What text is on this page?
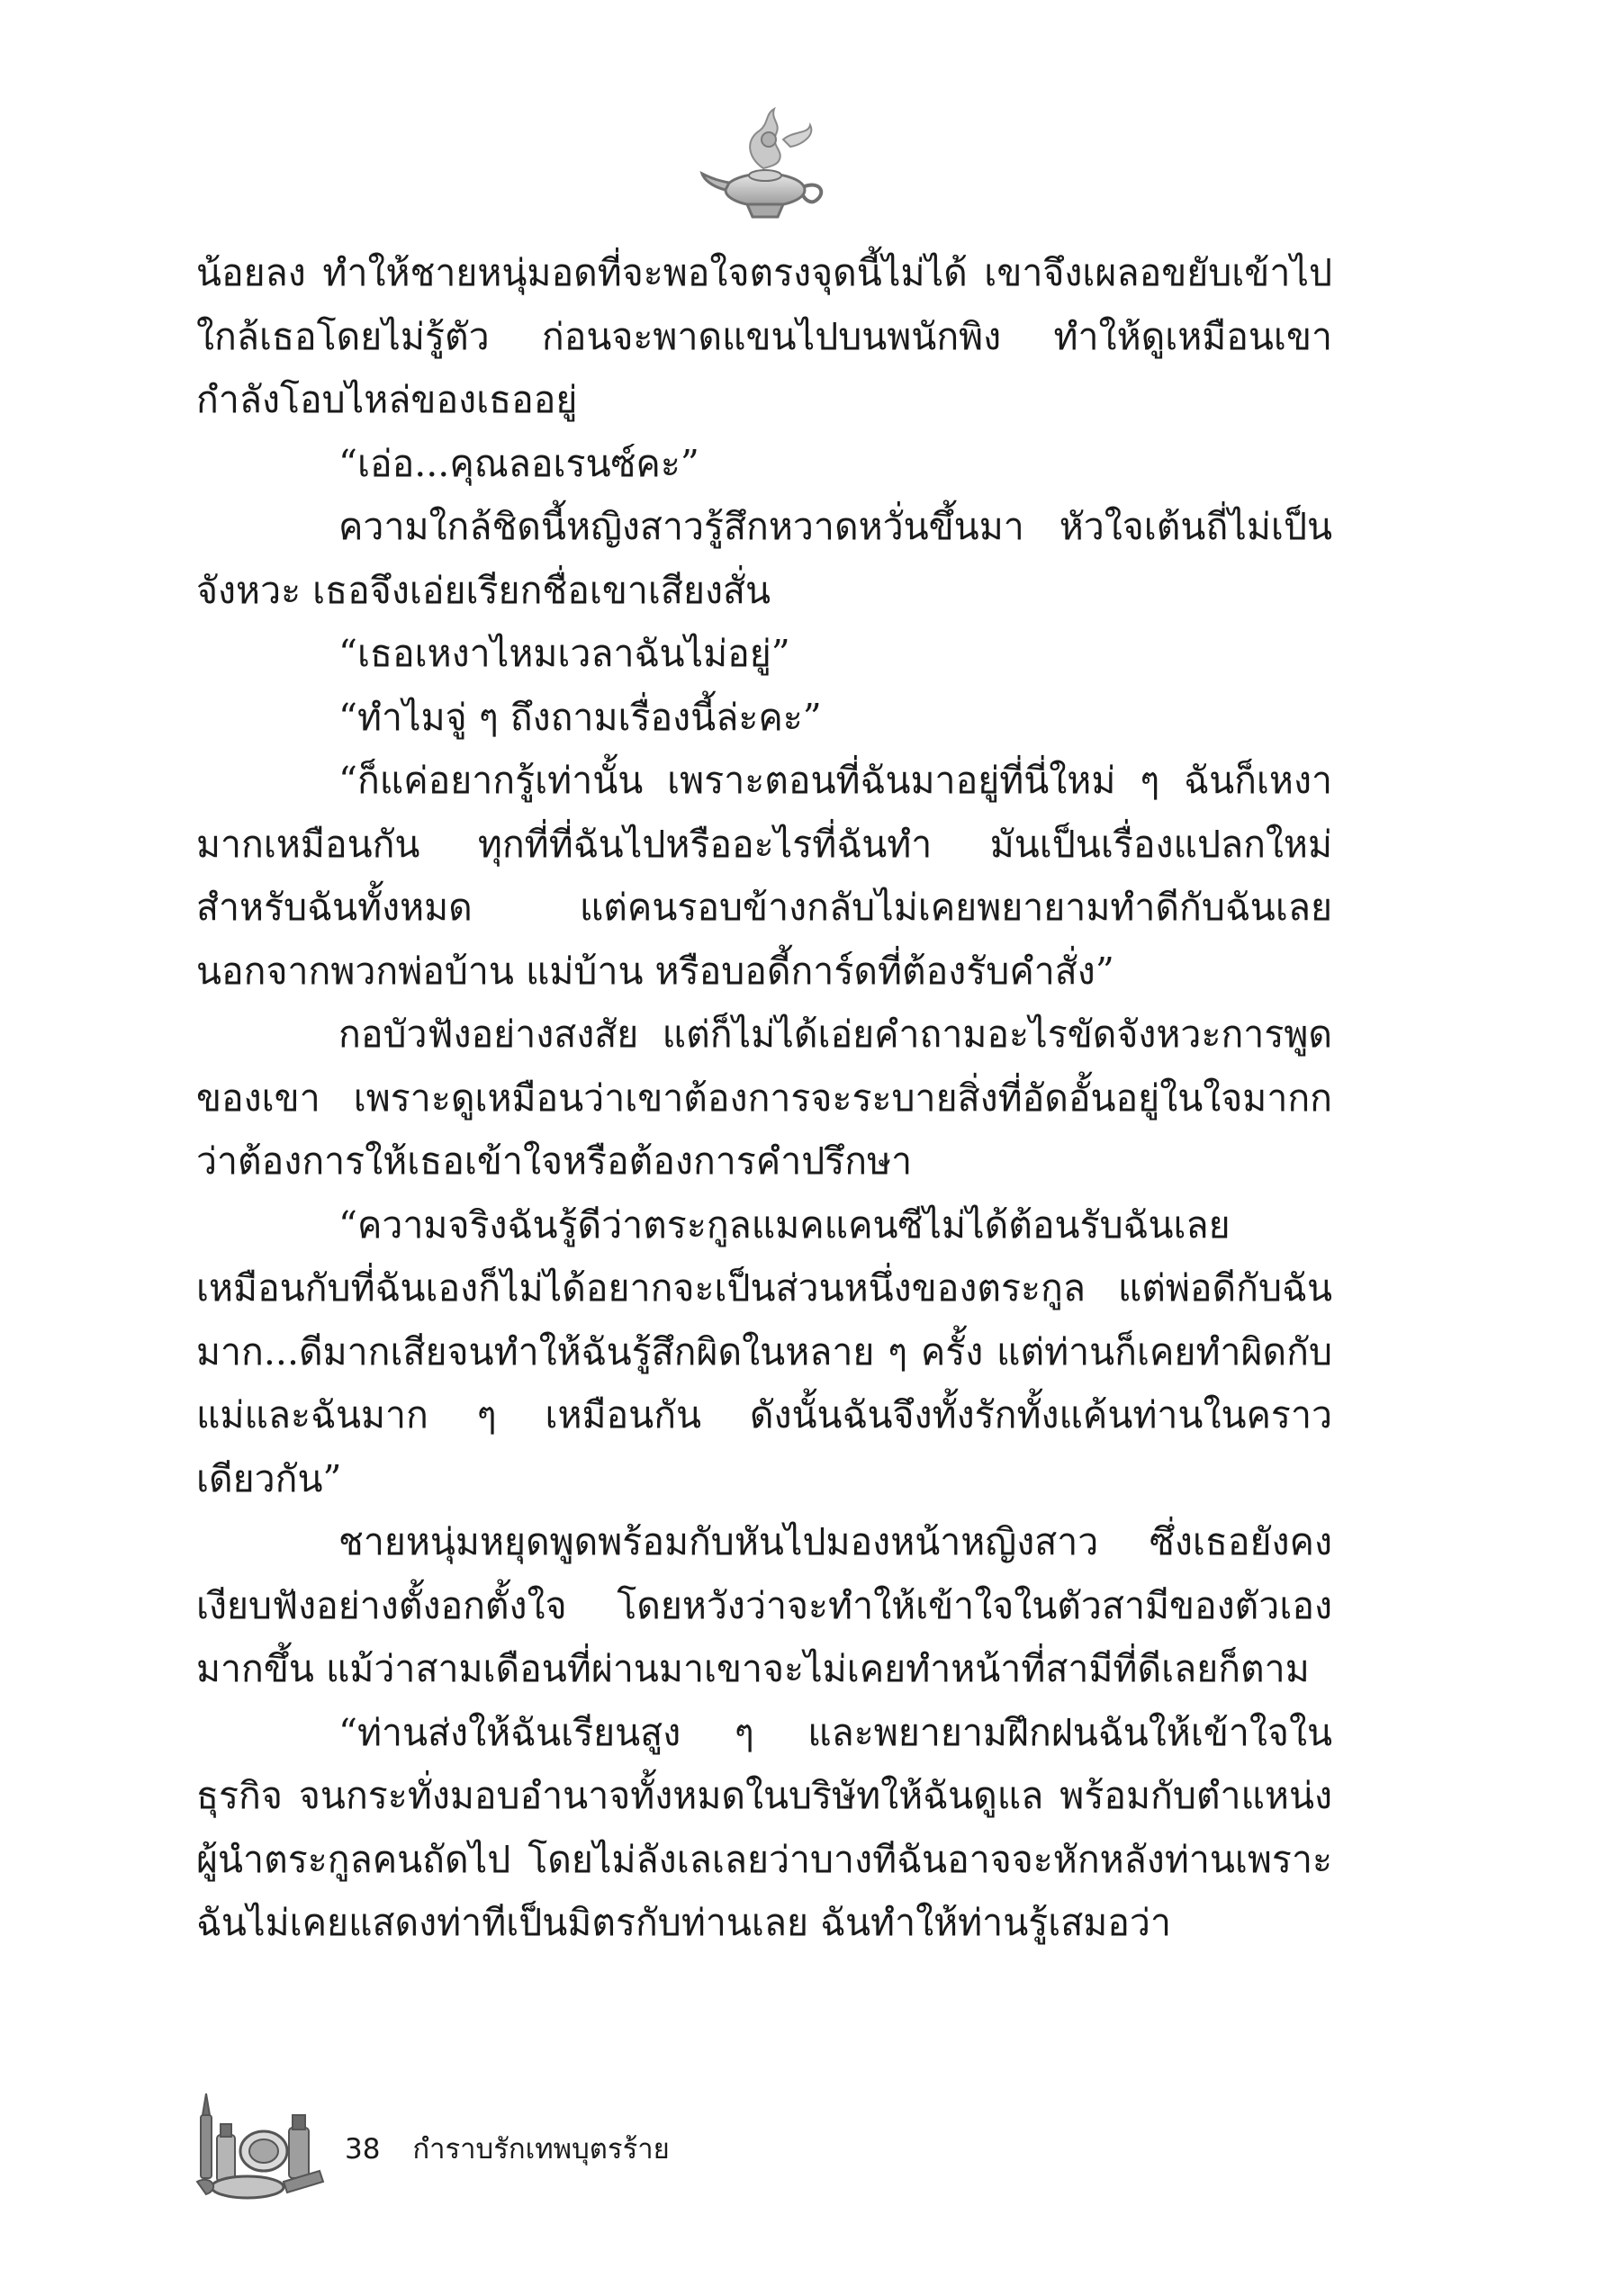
น้อยลง ทำให้ชายหนุ่มอดที่จะพอใจตรงจุดนี้ไม่ได้ เขาจึงเผลอขยับเข้าไปใกล้เธอโดยไม่รู้ตัว ก่อนจะพาดแขนไปบนพนักพิง ทำให้ดูเหมือนเขากำลังโอบไหล่ของเธออยู่

“เอ่อ...คุณลอเรนซ์คะ”

ความใกล้ชิดนี้หญิงสาวรู้สึกหวาดหวั่นขึ้นมา หัวใจเต้นถี่ไม่เป็นจังหวะ เธอจึงเอ่ยเรียกชื่อเขาเสียงสั่น

“เธอเหงาไหมเวลาฉันไม่อยู่”

“ทำไมจู่ ๆ ถึงถามเรื่องนี้ล่ะคะ”

“ก็แค่อยากรู้เท่านั้น เพราะตอนที่ฉันมาอยู่ที่นี่ใหม่ ๆ ฉันก็เหงามากเหมือนกัน ทุกที่ที่ฉันไปหรืออะไรที่ฉันทำ มันเป็นเรื่องแปลกใหม่สำหรับฉันทั้งหมด แต่คนรอบข้างกลับไม่เคยพยายามทำดีกับฉันเลย นอกจากพวกพ่อบ้าน แม่บ้าน หรือบอดี้การ์ดที่ต้องรับคำสั่ง”

กอบัวฟังอย่างสงสัย แต่ก็ไม่ได้เอ่ยคำถามอะไรขัดจังหวะการพูดของเขา เพราะดูเหมือนว่าเขาต้องการจะระบายสิ่งที่อัดอั้นอยู่ในใจมากกว่าต้องการให้เธอเข้าใจหรือต้องการคำปรึกษา

“ความจริงฉันรู้ดีว่าตระกูลแมคแคนซีไม่ได้ต้อนรับฉันเลย เหมือนกับที่ฉันเองก็ไม่ได้อยากจะเป็นส่วนหนึ่งของตระกูล แต่พ่อดีกับฉันมาก...ดีมากเสียจนทำให้ฉันรู้สึกผิดในหลาย ๆ ครั้ง แต่ท่านก็เคยทำผิดกับแม่และฉันมาก ๆ เหมือนกัน ดังนั้นฉันจึงทั้งรักทั้งแค้นท่านในคราวเดียวกัน”

ชายหนุ่มหยุดพูดพร้อมกับหันไปมองหน้าหญิงสาว ซึ่งเธอยังคงเงียบฟังอย่างตั้งอกตั้งใจ โดยหวังว่าจะทำให้เข้าใจในตัวสามีของตัวเองมากขึ้น แม้ว่าสามเดือนที่ผ่านมาเขาจะไม่เคยทำหน้าที่สามีที่ดีเลยก็ตาม

“ท่านส่งให้ฉันเรียนสูง ๆ และพยายามฝึกฝนฉันให้เข้าใจในธุรกิจ จนกระทั่งมอบอำนาจทั้งหมดในบริษัทให้ฉันดูแล พร้อมกับตำแหน่งผู้นำตระกูลคนถัดไป โดยไม่ลังเลเลยว่าบางทีฉันอาจจะหักหลังท่านเพราะฉันไม่เคยแสดงท่าทีเป็นมิตรกับท่านเลย ฉันทำให้ท่านรู้เสมอว่า

38 กำราบรักเทพบุตรร้าย
